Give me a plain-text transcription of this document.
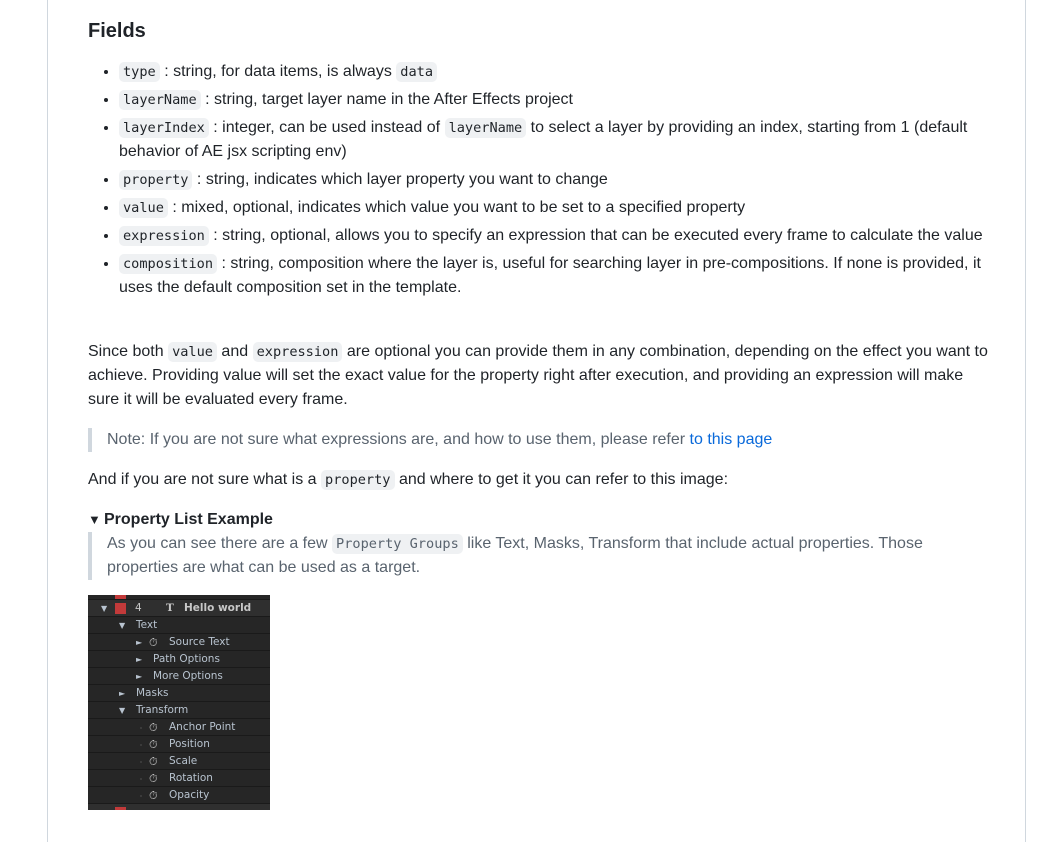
Fields
• type : string, for data items, is always data
• layerName : string, target layer name in the After Effects project
• layerIndex : integer, can be used instead of layerName to select a layer by providing an index, starting from 1 (default behavior of AE jsx scripting env)
• property : string, indicates which layer property you want to change
• value : mixed, optional, indicates which value you want to be set to a specified property
• expression : string, optional, allows you to specify an expression that can be executed every frame to calculate the value
• composition : string, composition where the layer is, useful for searching layer in pre-compositions. If none is provided, it uses the default composition set in the template.

Since both value and expression are optional you can provide them in any combination, depending on the effect you want to achieve. Providing value will set the exact value for the property right after execution, and providing an expression will make sure it will be evaluated every frame.

Note: If you are not sure what expressions are, and how to use them, please refer to this page

And if you are not sure what is a property and where to get it you can refer to this image:

▼ Property List Example
As you can see there are a few Property Groups like Text, Masks, Transform that include actual properties. Those properties are what can be used as a target.
▼	4 T Hello world
▼ Text
► ⏱ Source Text
► Path Options
► More Options
► Masks
▼ Transform
⏱ Anchor Point
⏱ Position
⏱ Scale
⏱ Rotation
⏱ Opacity
